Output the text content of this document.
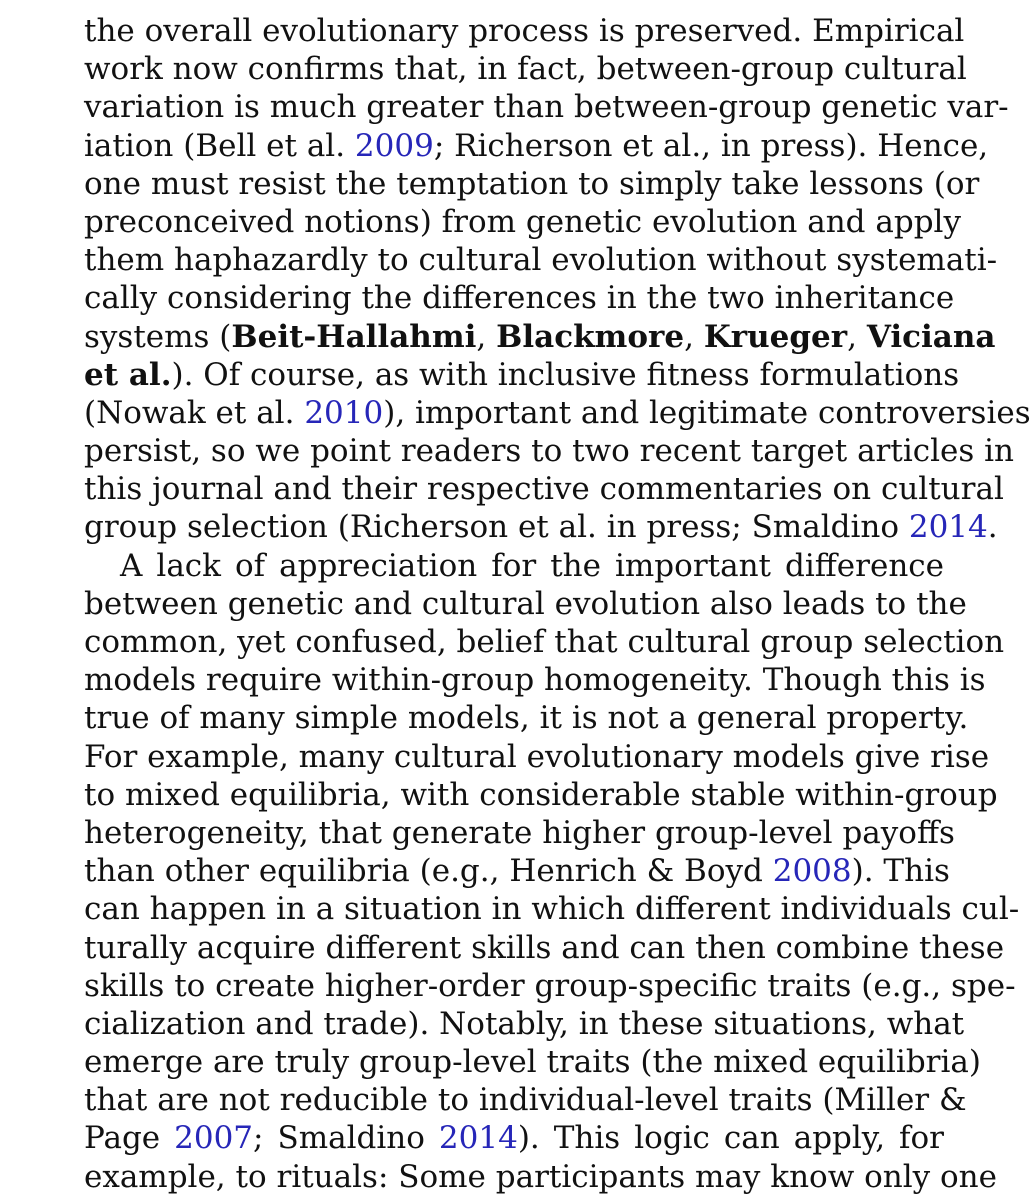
the overall evolutionary process is preserved. Empirical
work now confirms that, in fact, between-group cultural
variation is much greater than between-group genetic var-
iation (Bell et al. 2009; Richerson et al., in press). Hence,
one must resist the temptation to simply take lessons (or
preconceived notions) from genetic evolution and apply
them haphazardly to cultural evolution without systemati-
cally considering the differences in the two inheritance
systems (Beit-Hallahmi, Blackmore, Krueger, Viciana
et al.). Of course, as with inclusive fitness formulations
(Nowak et al. 2010), important and legitimate controversies
persist, so we point readers to two recent target articles in
this journal and their respective commentaries on cultural
group selection (Richerson et al. in press; Smaldino 2014.
A lack of appreciation for the important difference
between genetic and cultural evolution also leads to the
common, yet confused, belief that cultural group selection
models require within-group homogeneity. Though this is
true of many simple models, it is not a general property.
For example, many cultural evolutionary models give rise
to mixed equilibria, with considerable stable within-group
heterogeneity, that generate higher group-level payoffs
than other equilibria (e.g., Henrich & Boyd 2008). This
can happen in a situation in which different individuals cul-
turally acquire different skills and can then combine these
skills to create higher-order group-specific traits (e.g., spe-
cialization and trade). Notably, in these situations, what
emerge are truly group-level traits (the mixed equilibria)
that are not reducible to individual-level traits (Miller &
Page 2007; Smaldino 2014). This logic can apply, for
example, to rituals: Some participants may know only one
